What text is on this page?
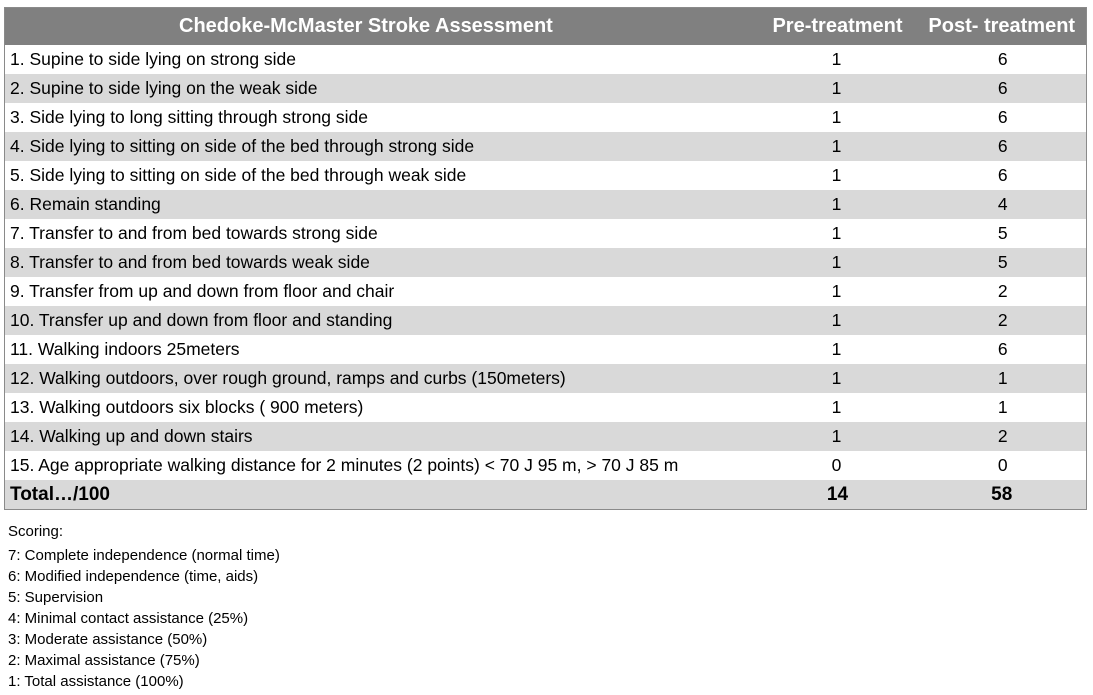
Chedoke-McMaster Stroke Assessment	Pre-treatment	Post- treatment
1. Supine to side lying on strong side	1	6
2. Supine to side lying on the weak side	1	6
3. Side lying to long sitting through strong side	1	6
4. Side lying to sitting on side of the bed through strong side	1	6
5. Side lying to sitting on side of the bed through weak side	1	6
6. Remain standing	1	4
7. Transfer to and from bed towards strong side	1	5
8. Transfer to and from bed towards weak side	1	5
9. Transfer from up and down from floor and chair	1	2
10. Transfer up and down from floor and standing	1	2
11. Walking indoors 25meters	1	6
12. Walking outdoors, over rough ground, ramps and curbs (150meters)	1	1
13. Walking outdoors six blocks ( 900 meters)	1	1
14. Walking up and down stairs	1	2
15. Age appropriate walking distance for 2 minutes (2 points) < 70 J 95 m, > 70 J 85 m	0	0
Total…/100	14	58
Scoring:
7: Complete independence (normal time)
6: Modified independence (time, aids)
5: Supervision
4: Minimal contact assistance (25%)
3: Moderate assistance (50%)
2: Maximal assistance (75%)
1: Total assistance (100%)
